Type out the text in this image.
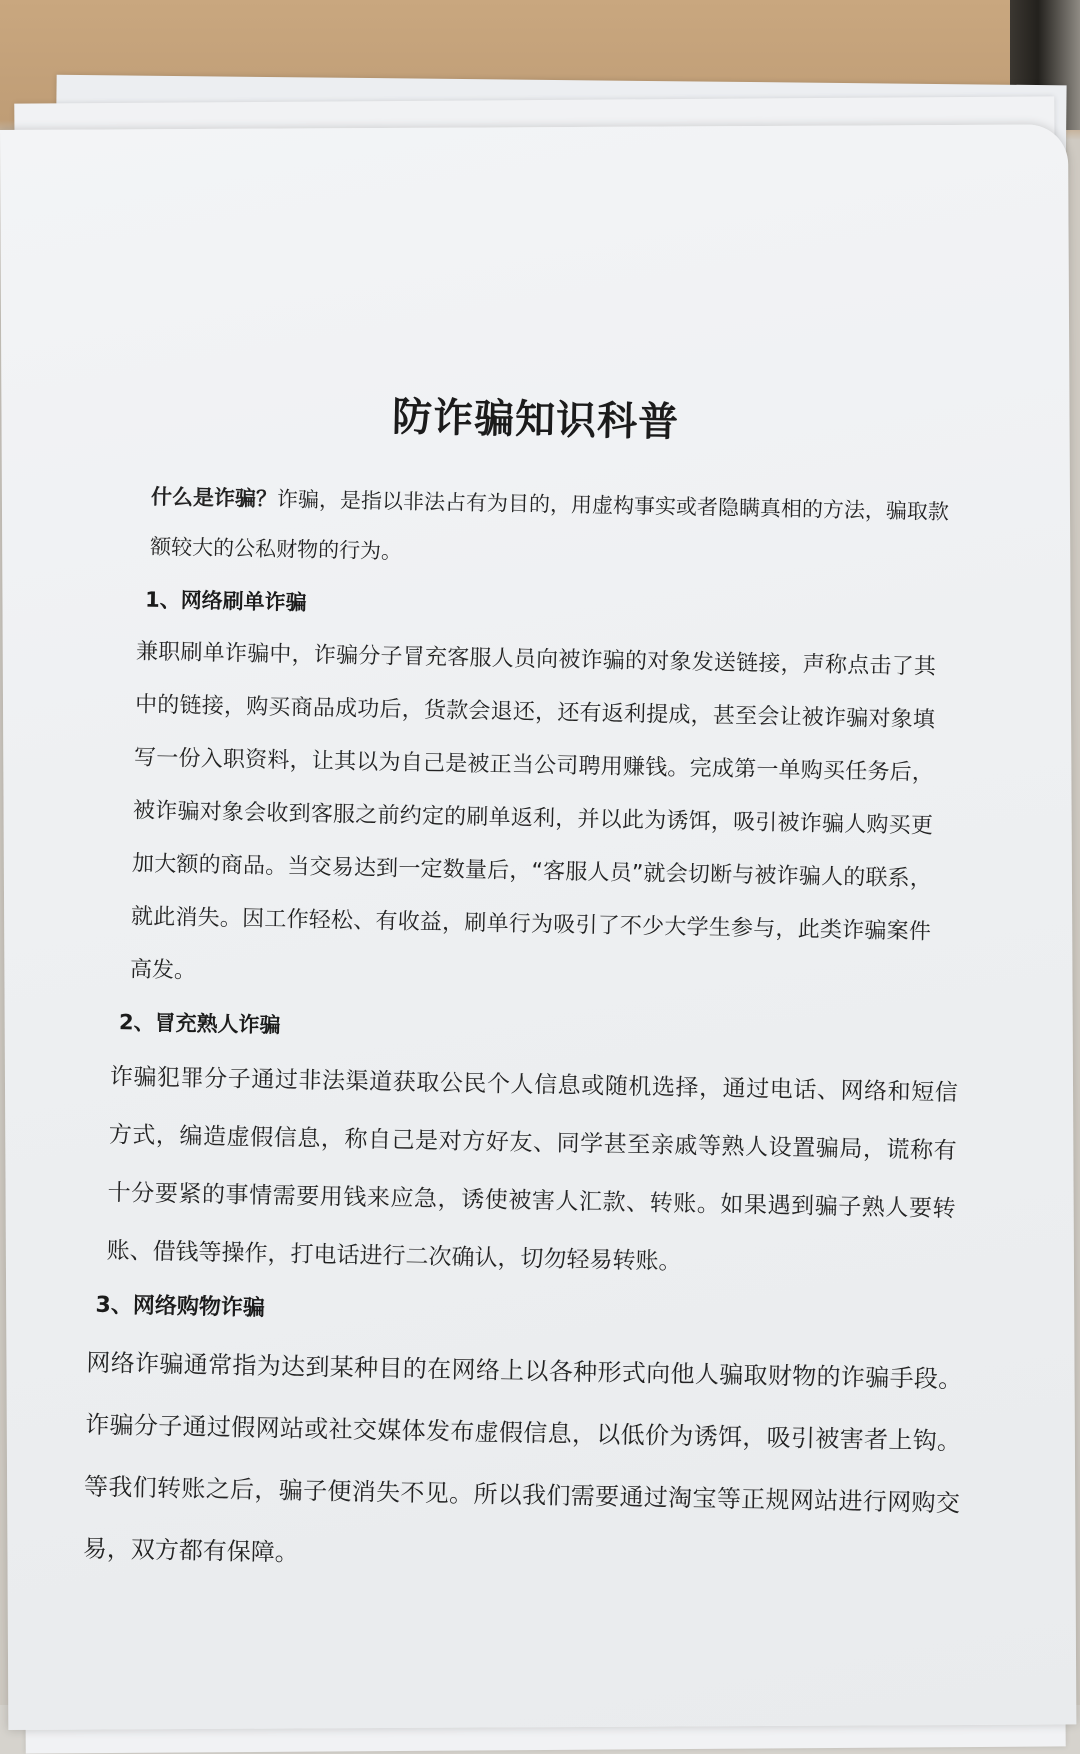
防诈骗知识科普

什么是诈骗？诈骗，是指以非法占有为目的，用虚构事实或者隐瞒真相的方法，骗取款额较大的公私财物的行为。

1、网络刷单诈骗

兼职刷单诈骗中，诈骗分子冒充客服人员向被诈骗的对象发送链接，声称点击了其中的链接，购买商品成功后，货款会退还，还有返利提成，甚至会让被诈骗对象填写一份入职资料，让其以为自己是被正当公司聘用赚钱。完成第一单购买任务后，被诈骗对象会收到客服之前约定的刷单返利，并以此为诱饵，吸引被诈骗人购买更加大额的商品。当交易达到一定数量后，“客服人员”就会切断与被诈骗人的联系，就此消失。因工作轻松、有收益，刷单行为吸引了不少大学生参与，此类诈骗案件高发。

2、冒充熟人诈骗

诈骗犯罪分子通过非法渠道获取公民个人信息或随机选择，通过电话、网络和短信方式，编造虚假信息，称自己是对方好友、同学甚至亲戚等熟人设置骗局，谎称有十分要紧的事情需要用钱来应急，诱使被害人汇款、转账。如果遇到骗子熟人要转账、借钱等操作，打电话进行二次确认，切勿轻易转账。

3、网络购物诈骗

网络诈骗通常指为达到某种目的在网络上以各种形式向他人骗取财物的诈骗手段。诈骗分子通过假网站或社交媒体发布虚假信息，以低价为诱饵，吸引被害者上钩。等我们转账之后，骗子便消失不见。所以我们需要通过淘宝等正规网站进行网购交易，双方都有保障。
